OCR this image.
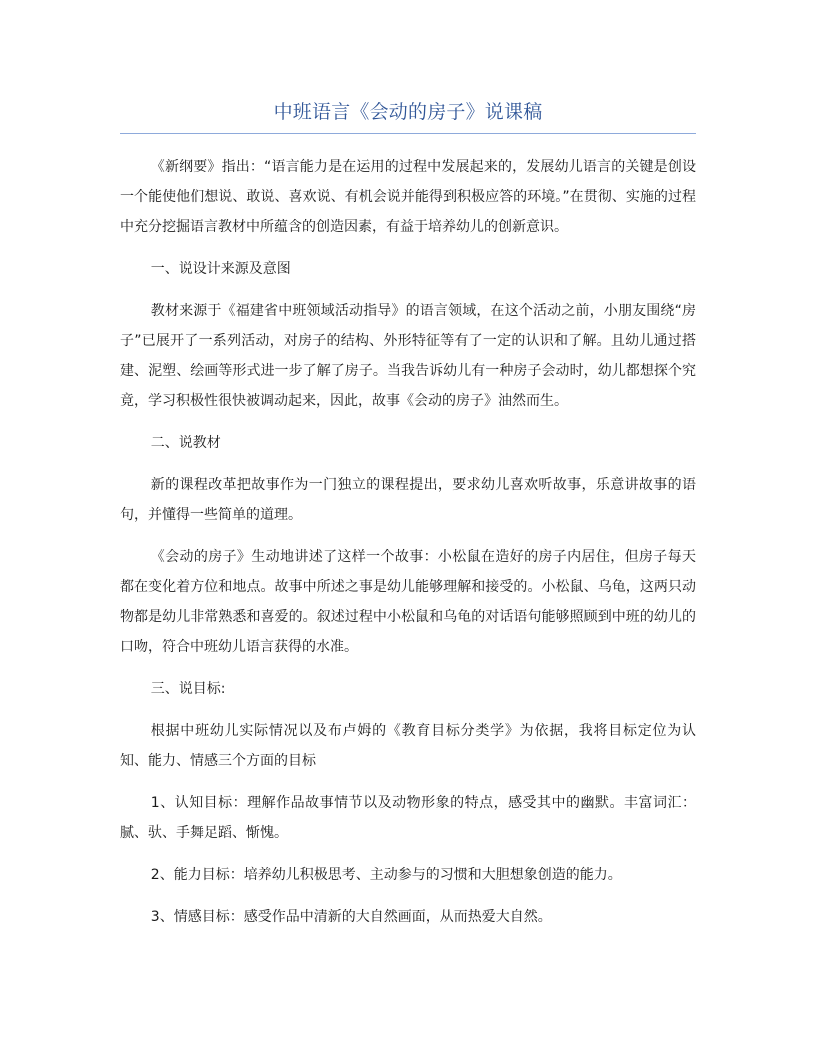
中班语言《会动的房子》说课稿

《新纲要》指出：“语言能力是在运用的过程中发展起来的，发展幼儿语言的关键是创设一个能使他们想说、敢说、喜欢说、有机会说并能得到积极应答的环境。”在贯彻、实施的过程中充分挖掘语言教材中所蕴含的创造因素，有益于培养幼儿的创新意识。

一、说设计来源及意图

教材来源于《福建省中班领域活动指导》的语言领域，在这个活动之前，小朋友围绕“房子”已展开了一系列活动，对房子的结构、外形特征等有了一定的认识和了解。且幼儿通过搭建、泥塑、绘画等形式进一步了解了房子。当我告诉幼儿有一种房子会动时，幼儿都想探个究竟，学习积极性很快被调动起来，因此，故事《会动的房子》油然而生。

二、说教材

新的课程改革把故事作为一门独立的课程提出，要求幼儿喜欢听故事，乐意讲故事的语句，并懂得一些简单的道理。

《会动的房子》生动地讲述了这样一个故事：小松鼠在造好的房子内居住，但房子每天都在变化着方位和地点。故事中所述之事是幼儿能够理解和接受的。小松鼠、乌龟，这两只动物都是幼儿非常熟悉和喜爱的。叙述过程中小松鼠和乌龟的对话语句能够照顾到中班的幼儿的口吻，符合中班幼儿语言获得的水准。

三、说目标:

根据中班幼儿实际情况以及布卢姆的《教育目标分类学》为依据，我将目标定位为认知、能力、情感三个方面的目标

1、认知目标：理解作品故事情节以及动物形象的特点，感受其中的幽默。丰富词汇：腻、驮、手舞足蹈、惭愧。

2、能力目标：培养幼儿积极思考、主动参与的习惯和大胆想象创造的能力。

3、情感目标：感受作品中清新的大自然画面，从而热爱大自然。
